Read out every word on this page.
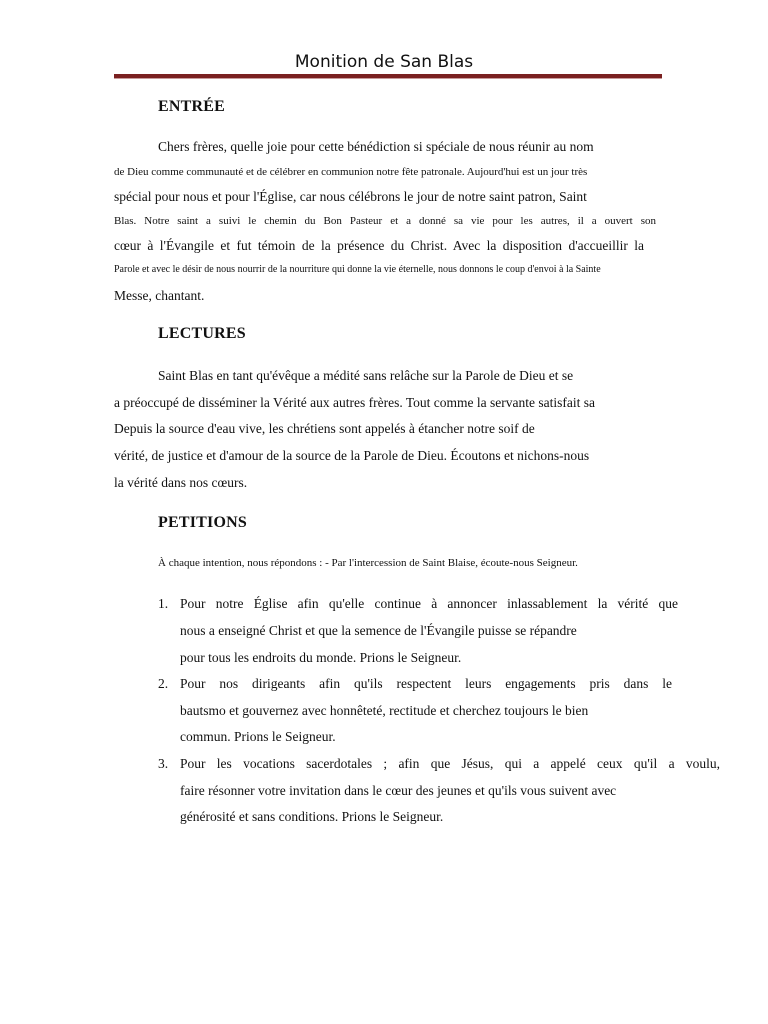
Monition de San Blas
ENTRÉE
Chers frères, quelle joie pour cette bénédiction si spéciale de nous réunir au nom
de Dieu comme communauté et de célébrer en communion notre fête patronale. Aujourd'hui est un jour très
spécial pour nous et pour l'Église, car nous célébrons le jour de notre saint patron, Saint
Blas. Notre saint a suivi le chemin du Bon Pasteur et a donné sa vie pour les autres, il a ouvert son
cœur à l'Évangile et fut témoin de la présence du Christ. Avec la disposition d'accueillir la
Parole et avec le désir de nous nourrir de la nourriture qui donne la vie éternelle, nous donnons le coup d'envoi à la Sainte
Messe, chantant.
LECTURES
Saint Blas en tant qu'évêque a médité sans relâche sur la Parole de Dieu et se
a préoccupé de disséminer la Vérité aux autres frères. Tout comme la servante satisfait sa
Depuis la source d'eau vive, les chrétiens sont appelés à étancher notre soif de
vérité, de justice et d'amour de la source de la Parole de Dieu. Écoutons et nichons-nous
la vérité dans nos cœurs.
PETITIONS
À chaque intention, nous répondons : - Par l'intercession de Saint Blaise, écoute-nous Seigneur.
1. Pour notre Église afin qu'elle continue à annoncer inlassablement la vérité que
nous a enseigné Christ et que la semence de l'Évangile puisse se répandre
pour tous les endroits du monde. Prions le Seigneur.
2. Pour nos dirigeants afin qu'ils respectent leurs engagements pris dans le
bautsmo et gouvernez avec honnêteté, rectitude et cherchez toujours le bien
commun. Prions le Seigneur.
3. Pour les vocations sacerdotales ; afin que Jésus, qui a appelé ceux qu'il a voulu,
faire résonner votre invitation dans le cœur des jeunes et qu'ils vous suivent avec
générosité et sans conditions. Prions le Seigneur.
